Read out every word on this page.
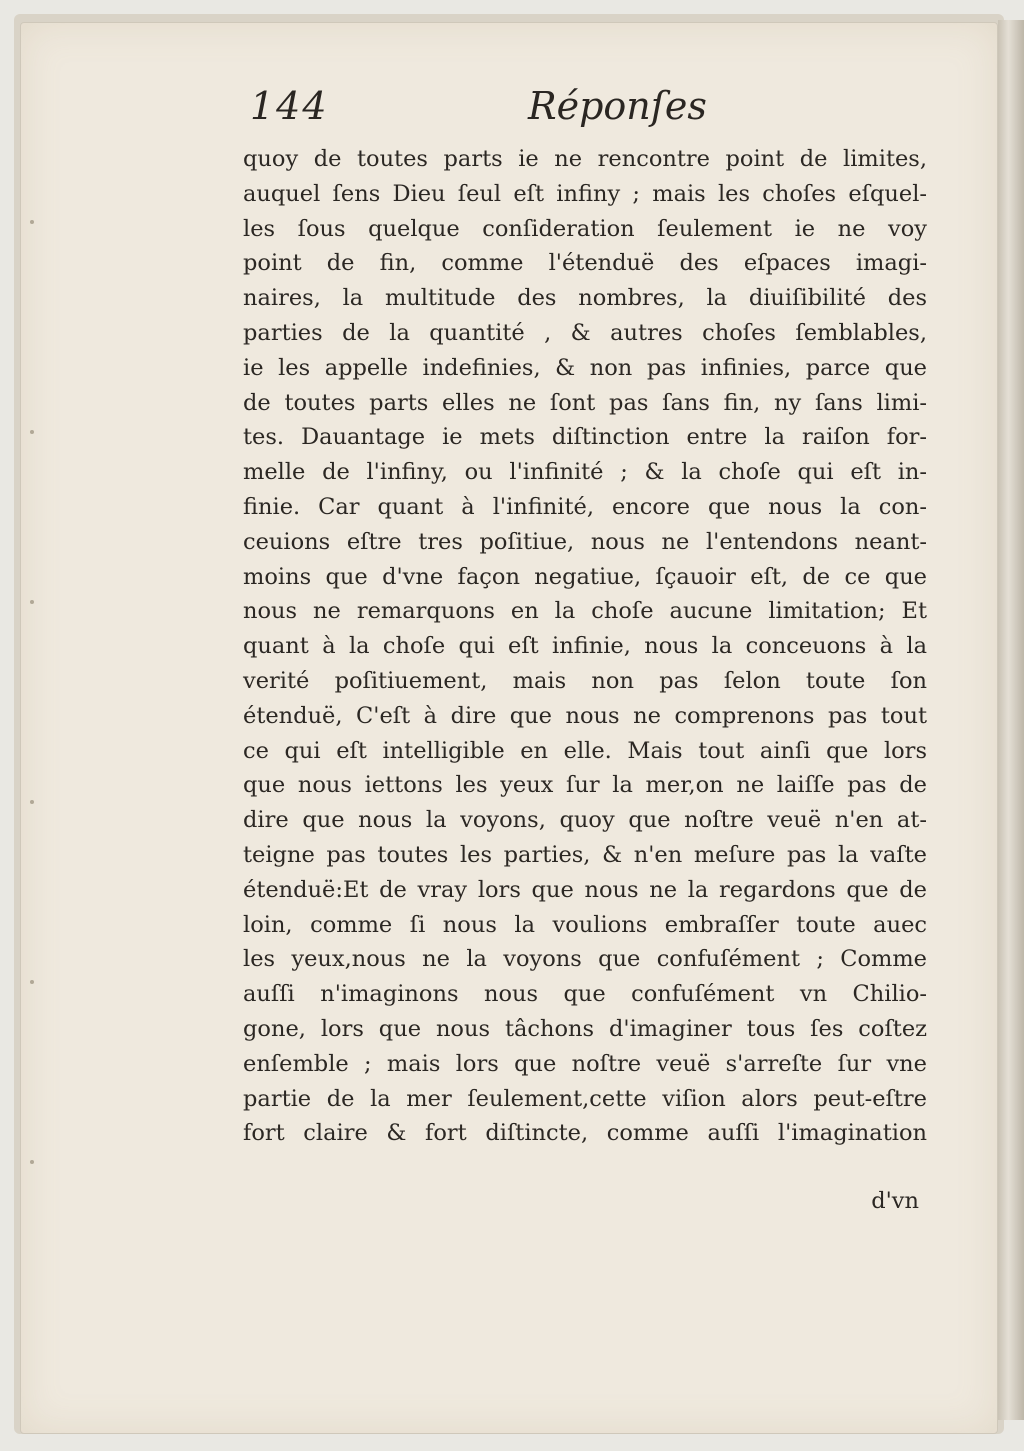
144	Réponſes
quoy de toutes parts ie ne rencontre point de limites,
auquel ſens Dieu ſeul eſt infiny ; mais les choſes eſquel-
les ſous quelque conſideration ſeulement ie ne voy
point de fin, comme l'étenduë des eſpaces imagi-
naires, la multitude des nombres, la diuiſibilité des
parties de la quantité , & autres choſes ſemblables,
ie les appelle indefinies, & non pas infinies, parce que
de toutes parts elles ne ſont pas ſans fin, ny ſans limi-
tes. Dauantage ie mets diſtinction entre la raiſon for-
melle de l'infiny, ou l'infinité ; & la choſe qui eſt in-
finie. Car quant à l'infinité, encore que nous la con-
ceuions eſtre tres poſitiue, nous ne l'entendons neant-
moins que d'vne façon negatiue, ſçauoir eſt, de ce que
nous ne remarquons en la choſe aucune limitation; Et
quant à la choſe qui eſt infinie, nous la conceuons à la
verité poſitiuement, mais non pas ſelon toute ſon
étenduë, C'eſt à dire que nous ne comprenons pas tout
ce qui eſt intelligible en elle. Mais tout ainſi que lors
que nous iettons les yeux ſur la mer,on ne laiſſe pas de
dire que nous la voyons, quoy que noſtre veuë n'en at-
teigne pas toutes les parties, & n'en meſure pas la vaſte
étenduë:Et de vray lors que nous ne la regardons que de
loin, comme ſi nous la voulions embraſſer toute auec
les yeux,nous ne la voyons que confuſément ; Comme
auſſi n'imaginons nous que confuſément vn Chilio-
gone, lors que nous tâchons d'imaginer tous ſes coſtez
enſemble ; mais lors que noſtre veuë s'arreſte ſur vne
partie de la mer ſeulement,cette viſion alors peut-eſtre
fort claire & fort diſtincte, comme auſſi l'imagination
d'vn
